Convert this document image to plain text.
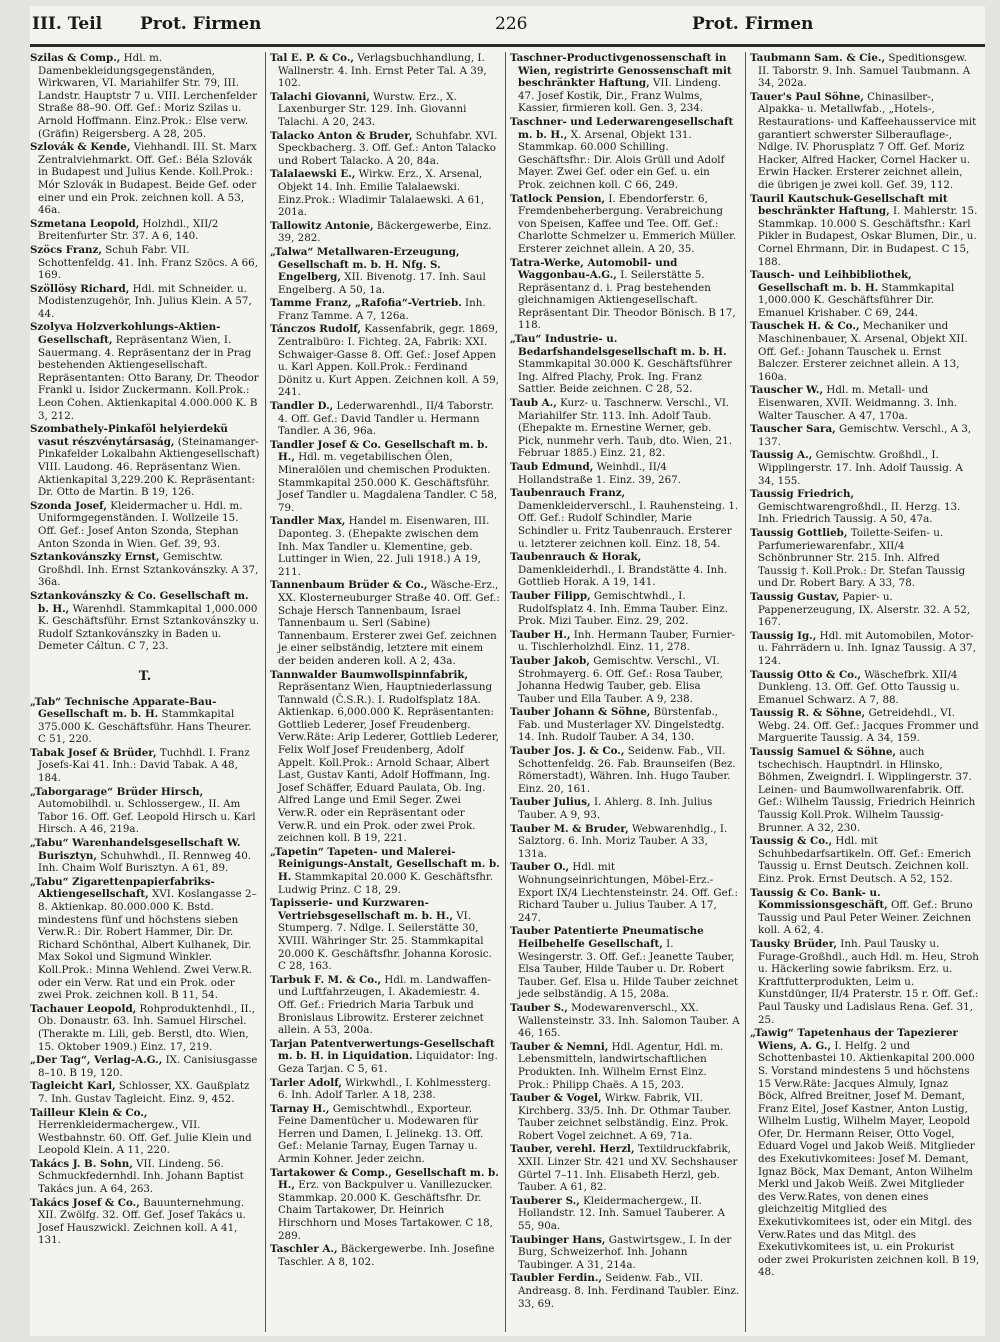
III. Teil Prot. Firmen	226	Prot. Firmen
Szilas & Comp., Hdl. m. Damenbekleidungsgegenständen, Wirkwaren, VI. Mariahilfer Str. 79, III. Landstr. Hauptstr 7 u. VIII. Lerchenfelder Straße 88–90. Off. Gef.: Moriz Szilas u. Arnold Hoffmann. Einz.Prok.: Else verw. (Gräfin) Reigersberg. A 28, 205.
Szlovák & Kende, Viehhandl. III. St. Marx Zentralviehmarkt. Off. Gef.: Béla Szlovák in Budapest und Julius Kende. Koll.Prok.: Mór Szlovák in Budapest. Beide Gef. oder einer und ein Prok. zeichnen koll. A 53, 46a.
Szmetana Leopold, Holzhdl., XII/2 Breitenfurter Str. 37. A 6, 140.
Szöcs Franz, Schuh Fabr. VII. Schottenfeldg. 41. Inh. Franz Szöcs. A 66, 169.
Szöllösy Richard, Hdl. mit Schneider. u. Modistenzugehör, Inh. Julius Klein. A 57, 44.
Szolyva Holzverkohlungs-Aktien-Gesellschaft, Repräsentanz Wien, I. Sauermang. 4. Repräsentanz der in Prag bestehenden Aktiengesellschaft. Repräsentanten: Otto Barany, Dr. Theodor Frankl u. Isidor Zuckermann. Koll.Prok.: Leon Cohen. Aktienkapital 4.000.000 K. B 3, 212.
Szombathely-Pinkaföl helyierdekü vasut részvénytársaság, (Steinamanger-Pinkafelder Lokalbahn Aktiengesellschaft) VIII. Laudong. 46. Repräsentanz Wien. Aktienkapital 3,229.200 K. Repräsentant: Dr. Otto de Martin. B 19, 126.
Szonda Josef, Kleidermacher u. Hdl. m. Uniformgegenständen. I. Wollzeile 15. Off. Gef.: Josef Anton Szonda, Stephan Anton Szonda in Wien. Gef. 39, 93.
Sztankovánszky Ernst, Gemischtw. Großhdl. Inh. Ernst Sztankovánszky. A 37, 36a.
Sztankovánszky & Co. Gesellschaft m. b. H., Warenhdl. Stammkapital 1,000.000 K. Geschäftsführ. Ernst Sztankovánszky u. Rudolf Sztankovánszky in Baden u. Demeter Cáltun. C 7, 23.
T.
„Tab“ Technische Apparate-Bau-Gesellschaft m. b. H. Stammkapital 375.000 K. Geschäftsführ. Hans Theurer. C 51, 220.
Tabak Josef & Brüder, Tuchhdl. I. Franz Josefs-Kai 41. Inh.: David Tabak. A 48, 184.
„Taborgarage“ Brüder Hirsch, Automobilhdl. u. Schlossergew., II. Am Tabor 16. Off. Gef. Leopold Hirsch u. Karl Hirsch. A 46, 219a.
„Tabu“ Warenhandelsgesellschaft W. Burisztyn, Schuhwhdl., II. Rennweg 40. Inh. Chaim Wolf Burisztyn. A 61, 89.
„Tabu“ Zigarettenpapierfabriks-Aktiengesellschaft, XVI. Koslangasse 2–8. Aktienkap. 80.000.000 K. Bstd. mindestens fünf und höchstens sieben Verw.R.: Dir. Robert Hammer, Dir. Dr. Richard Schönthal, Albert Kulhanek, Dir. Max Sokol und Sigmund Winkler. Koll.Prok.: Minna Wehlend. Zwei Verw.R. oder ein Verw. Rat und ein Prok. oder zwei Prok. zeichnen koll. B 11, 54.
Tachauer Leopold, Rohproduktenhdl., II., Ob. Donaustr. 63. Inh. Samuel Hirschel. (Therakte m. Lili, geb. Berstl, dto. Wien, 15. Oktober 1909.) Einz. 17, 219.
„Der Tag“, Verlag-A.G., IX. Canisiusgasse 8–10. B 19, 120.
Tagleicht Karl, Schlosser, XX. Gaußplatz 7. Inh. Gustav Tagleicht. Einz. 9, 452.
Tailleur Klein & Co., Herrenkleidermachergew., VII. Westbahnstr. 60. Off. Gef. Julie Klein und Leopold Klein. A 11, 220.
Takács J. B. Sohn, VII. Lindeng. 56. Schmuckfedernhdl. Inh. Johann Baptist Takács jun. A 64, 263.
Takács Josef & Co., Bauunternehmung. XII. Zwölfg. 32. Off. Gef. Josef Takács u. Josef Hauszwickl. Zeichnen koll. A 41, 131.
Tal E. P. & Co., Verlagsbuchhandlung, I. Wallnerstr. 4. Inh. Ernst Peter Tal. A 39, 102.
Talachi Giovanni, Wurstw. Erz., X. Laxenburger Str. 129. Inh. Giovanni Talachi. A 20, 243.
Talacko Anton & Bruder, Schuhfabr. XVI. Speckbacherg. 3. Off. Gef.: Anton Talacko und Robert Talacko. A 20, 84a.
Talalaewski E., Wirkw. Erz., X. Arsenal, Objekt 14. Inh. Emilie Talalaewski. Einz.Prok.: Wladimir Talalaewski. A 61, 201a.
Tallowitz Antonie, Bäckergewerbe, Einz. 39, 282.
„Talwa“ Metallwaren-Erzeugung, Gesellschaft m. b. H. Nfg. S. Engelberg, XII. Bivenotg. 17. Inh. Saul Engelberg. A 50, 1a.
Tamme Franz, „Rafofia“-Vertrieb. Inh. Franz Tamme. A 7, 126a.
Tánczos Rudolf, Kassenfabrik, gegr. 1869, Zentralbüro: I. Fichteg. 2A, Fabrik: XXI. Schwaiger-Gasse 8. Off. Gef.: Josef Appen u. Karl Appen. Koll.Prok.: Ferdinand Dönitz u. Kurt Appen. Zeichnen koll. A 59, 241.
Tandler D., Lederwarenhdl., II/4 Taborstr. 4. Off. Gef.: David Tandler u. Hermann Tandler. A 36, 96a.
Tandler Josef & Co. Gesellschaft m. b. H., Hdl. m. vegetabilischen Ölen, Mineralölen und chemischen Produkten. Stammkapital 250.000 K. Geschäftsführ. Josef Tandler u. Magdalena Tandler. C 58, 79.
Tandler Max, Handel m. Eisenwaren, III. Daponteg. 3. (Ehepakte zwischen dem Inh. Max Tandler u. Klementine, geb. Luttinger in Wien, 22. Juli 1918.) A 19, 211.
Tannenbaum Brüder & Co., Wäsche-Erz., XX. Klosterneuburger Straße 40. Off. Gef.: Schaje Hersch Tannenbaum, Israel Tannenbaum u. Serl (Sabine) Tannenbaum. Ersterer zwei Gef. zeichnen je einer selbständig, letztere mit einem der beiden anderen koll. A 2, 43a.
Tannwalder Baumwollspinnfabrik, Repräsentanz Wien, Hauptniederlassung Tannwald (Č.S.R.). I. Rudolfsplatz 18A. Aktienkap. 6,000.000 K. Repräsentanten: Gottlieb Lederer, Josef Freudenberg. Verw.Räte: Arip Lederer, Gottlieb Lederer, Felix Wolf Josef Freudenberg, Adolf Appelt. Koll.Prok.: Arnold Schaar, Albert Last, Gustav Kanti, Adolf Hoffmann, Ing. Josef Schäffer, Eduard Paulata, Ob. Ing. Alfred Lange und Emil Seger. Zwei Verw.R. oder ein Repräsentant oder Verw.R. und ein Prok. oder zwei Prok. zeichnen koll. B 19, 221.
„Tapetin“ Tapeten- und Malerei-Reinigungs-Anstalt, Gesellschaft m. b. H. Stammkapital 20.000 K. Geschäftsfhr. Ludwig Prinz. C 18, 29.
Tapisserie- und Kurzwaren-Vertriebsgesellschaft m. b. H., VI. Stumperg. 7. Ndlge. I. Seilerstätte 30, XVIII. Währinger Str. 25. Stammkapital 20.000 K. Geschäftsfhr. Johanna Korosic. C 28, 163.
Tarbuk F. M. & Co., Hdl. m. Landwaffen- und Luftfahrzeugen, I. Akademiestr. 4. Off. Gef.: Friedrich Maria Tarbuk und Bronislaus Librowitz. Ersterer zeichnet allein. A 53, 200a.
Tarjan Patentverwertungs-Gesellschaft m. b. H. in Liquidation. Liquidator: Ing. Geza Tarjan. C 5, 61.
Tarler Adolf, Wirkwhdl., I. Kohlmessterg. 6. Inh. Adolf Tarler. A 18, 238.
Tarnay H., Gemischtwhdl., Exporteur. Feine Damentücher u. Modewaren für Herren und Damen, I. Jelinekg. 13. Off. Gef.: Melanie Tarnay, Eugen Tarnay u. Armin Kohner. Jeder zeichn.
Tartakower & Comp., Gesellschaft m. b. H., Erz. von Backpulver u. Vanillezucker. Stammkap. 20.000 K. Geschäftsfhr. Dr. Chaim Tartakower, Dr. Heinrich Hirschhorn und Moses Tartakower. C 18, 289.
Taschler A., Bäckergewerbe. Inh. Josefine Taschler. A 8, 102.
Taschner-Productivgenossenschaft in Wien, registrirte Genossenschaft mit beschränkter Haftung, VII. Lindeng. 47. Josef Kostik, Dir., Franz Wulms, Kassier, firmieren koll. Gen. 3, 234.
Taschner- und Lederwarengesellschaft m. b. H., X. Arsenal, Objekt 131. Stammkap. 60.000 Schilling. Geschäftsfhr.: Dir. Alois Grüll und Adolf Mayer. Zwei Gef. oder ein Gef. u. ein Prok. zeichnen koll. C 66, 249.
Tatlock Pension, I. Ebendorferstr. 6, Fremdenbeherbergung. Verabreichung von Speisen, Kaffee und Tee. Off. Gef.: Charlotte Schmelzer u. Emmerich Müller. Ersterer zeichnet allein. A 20, 35.
Tatra-Werke, Automobil- und Waggonbau-A.G., I. Seilerstätte 5. Repräsentanz d. i. Prag bestehenden gleichnamigen Aktiengesellschaft. Repräsentant Dir. Theodor Bönisch. B 17, 118.
„Tau“ Industrie- u. Bedarfshandelsgesellschaft m. b. H. Stammkapital 30.000 K. Geschäftsführer Ing. Alfred Plachy, Prok. Ing. Franz Sattler. Beide zeichnen. C 28, 52.
Taub A., Kurz- u. Taschnerw. Verschl., VI. Mariahilfer Str. 113. Inh. Adolf Taub. (Ehepakte m. Ernestine Werner, geb. Pick, nunmehr verh. Taub, dto. Wien, 21. Februar 1885.) Einz. 21, 82.
Taub Edmund, Weinhdl., II/4 Hollandstraße 1. Einz. 39, 267.
Taubenrauch Franz, Damenkleiderverschl., I. Rauhensteing. 1. Off. Gef.: Rudolf Schindler, Marie Schindler u. Fritz Taubenrauch. Ersterer u. letzterer zeichnen koll. Einz. 18, 54.
Taubenrauch & Horak, Damenkleiderhdl., I. Brandstätte 4. Inh. Gottlieb Horak. A 19, 141.
Tauber Filipp, Gemischtwhdl., I. Rudolfsplatz 4. Inh. Emma Tauber. Einz. Prok. Mizi Tauber. Einz. 29, 202.
Tauber H., Inh. Hermann Tauber, Furnier- u. Tischlerholzhdl. Einz. 11, 278.
Tauber Jakob, Gemischtw. Verschl., VI. Strohmayerg. 6. Off. Gef.: Rosa Tauber, Johanna Hedwig Tauber, geb. Elisa Tauber und Ella Tauber. A 9, 238.
Tauber Johann & Söhne, Bürstenfab., Fab. und Musterlager XV. Dingelstedtg. 14. Inh. Rudolf Tauber. A 34, 130.
Tauber Jos. J. & Co., Seidenw. Fab., VII. Schottenfeldg. 26. Fab. Braunseifen (Bez. Römerstadt), Währen. Inh. Hugo Tauber. Einz. 20, 161.
Tauber Julius, I. Ahlerg. 8. Inh. Julius Tauber. A 9, 93.
Tauber M. & Bruder, Webwarenhdlg., I. Salztorg. 6. Inh. Moriz Tauber. A 33, 131a.
Tauber O., Hdl. mit Wohnungseinrichtungen, Möbel-Erz.-Export IX/4 Liechtensteinstr. 24. Off. Gef.: Richard Tauber u. Julius Tauber. A 17, 247.
Tauber Patentierte Pneumatische Heilbehelfe Gesellschaft, I. Wesingerstr. 3. Off. Gef.: Jeanette Tauber, Elsa Tauber, Hilde Tauber u. Dr. Robert Tauber. Gef. Elsa u. Hilde Tauber zeichnet jede selbständig. A 15, 208a.
Tauber S., Modewarenverschl., XX. Wallensteinstr. 33. Inh. Salomon Tauber. A 46, 165.
Tauber & Nemni, Hdl. Agentur, Hdl. m. Lebensmitteln, landwirtschaftlichen Produkten. Inh. Wilhelm Ernst Einz. Prok.: Philipp Chaës. A 15, 203.
Tauber & Vogel, Wirkw. Fabrik, VII. Kirchberg. 33/5. Inh. Dr. Othmar Tauber. Tauber zeichnet selbständig. Einz. Prok. Robert Vogel zeichnet. A 69, 71a.
Tauber, verehl. Herzl, Textildruckfabrik, XXII. Linzer Str. 421 und XV. Sechshauser Gürtel 7–11. Inh. Elisabeth Herzl, geb. Tauber. A 61, 82.
Tauberer S., Kleidermachergew., II. Hollandstr. 12. Inh. Samuel Tauberer. A 55, 90a.
Taubinger Hans, Gastwirtsgew., I. In der Burg, Schweizerhof. Inh. Johann Taubinger. A 31, 214a.
Taubler Ferdin., Seidenw. Fab., VII. Andreasg. 8. Inh. Ferdinand Taubler. Einz. 33, 69.
Taubmann Sam. & Cie., Speditionsgew. II. Taborstr. 9. Inh. Samuel Taubmann. A 34, 202a.
Tauer's Paul Söhne, Chinasilber-, Alpakka- u. Metallwfab., „Hotels-, Restaurations- und Kaffeehausservice mit garantiert schwerster Silberauflage-, Ndlge. IV. Phorusplatz 7 Off. Gef. Moriz Hacker, Alfred Hacker, Cornel Hacker u. Erwin Hacker. Ersterer zeichnet allein, die übrigen je zwei koll. Gef. 39, 112.
Tauril Kautschuk-Gesellschaft mit beschränkter Haftung, I. Mahlerstr. 15. Stammkap. 10.000 S. Geschäftsfhr.: Karl Pikler in Budapest, Oskar Blumen, Dir., u. Cornel Ehrmann, Dir. in Budapest. C 15, 188.
Tausch- und Leihbibliothek, Gesellschaft m. b. H. Stammkapital 1,000.000 K. Geschäftsführer Dir. Emanuel Krishaber. C 69, 244.
Tauschek H. & Co., Mechaniker und Maschinenbauer, X. Arsenal, Objekt XII. Off. Gef.: Johann Tauschek u. Ernst Balczer. Ersterer zeichnet allein. A 13, 160a.
Tauscher W., Hdl. m. Metall- und Eisenwaren, XVII. Weidmanng. 3. Inh. Walter Tauscher. A 47, 170a.
Tauscher Sara, Gemischtw. Verschl., A 3, 137.
Taussig A., Gemischtw. Großhdl., I. Wipplingerstr. 17. Inh. Adolf Taussig. A 34, 155.
Taussig Friedrich, Gemischtwarengroßhdl., II. Herzg. 13. Inh. Friedrich Taussig. A 50, 47a.
Taussig Gottlieb, Toilette-Seifen- u. Parfumeriewarenfabr., XII/4 Schönbrunner Str. 215. Inh. Alfred Taussig †. Koll.Prok.: Dr. Stefan Taussig und Dr. Robert Bary. A 33, 78.
Taussig Gustav, Papier- u. Pappenerzeugung, IX. Alserstr. 32. A 52, 167.
Taussig Ig., Hdl. mit Automobilen, Motor- u. Fahrrädern u. Inh. Ignaz Taussig. A 37, 124.
Taussig Otto & Co., Wäschefbrk. XII/4 Dunkleng. 13. Off. Gef. Otto Taussig u. Emanuel Schwarz. A 7, 88.
Taussig R. & Söhne, Getreidehdl., VI. Webg. 24. Off. Gef.: Jacques Frommer und Marguerite Taussig. A 34, 159.
Taussig Samuel & Söhne, auch tschechisch. Hauptndrl. in Hlinsko, Böhmen, Zweigndrl. I. Wipplingerstr. 37. Leinen- und Baumwollwarenfabrik. Off. Gef.: Wilhelm Taussig, Friedrich Heinrich Taussig Koll.Prok. Wilhelm Taussig-Brunner. A 32, 230.
Taussig & Co., Hdl. mit Schuhbedarfsartikeln. Off. Gef.: Emerich Taussig u. Ernst Deutsch. Zeichnen koll. Einz. Prok. Ernst Deutsch. A 52, 152.
Taussig & Co. Bank- u. Kommissionsgeschäft, Off. Gef.: Bruno Taussig und Paul Peter Weiner. Zeichnen koll. A 62, 4.
Tausky Brüder, Inh. Paul Tausky u. Furage-Großhdl., auch Hdl. m. Heu, Stroh u. Häckerling sowie fabriksm. Erz. u. Kraftfutterprodukten, Leim u. Kunstdünger, II/4 Praterstr. 15 r. Off. Gef.: Paul Tausky und Ladislaus Rena. Gef. 31, 25.
„Tawig“ Tapetenhaus der Tapezierer Wiens, A. G., I. Helfg. 2 und Schottenbastei 10. Aktienkapital 200.000 S. Vorstand mindestens 5 und höchstens 15 Verw.Räte: Jacques Almuly, Ignaz Böck, Alfred Breitner, Josef M. Demant, Franz Eitel, Josef Kastner, Anton Lustig, Wilhelm Lustig, Wilhelm Mayer, Leopold Ofer, Dr. Hermann Reiser, Otto Vogel, Eduard Vogel und Jakob Weiß. Mitglieder des Exekutivkomitees: Josef M. Demant, Ignaz Böck, Max Demant, Anton Wilhelm Merkl und Jakob Weiß. Zwei Mitglieder des Verw.Rates, von denen eines gleichzeitig Mitglied des Exekutivkomitees ist, oder ein Mitgl. des Verw.Rates und das Mitgl. des Exekutivkomitees ist, u. ein Prokurist oder zwei Prokuristen zeichnen koll. B 19, 48.
